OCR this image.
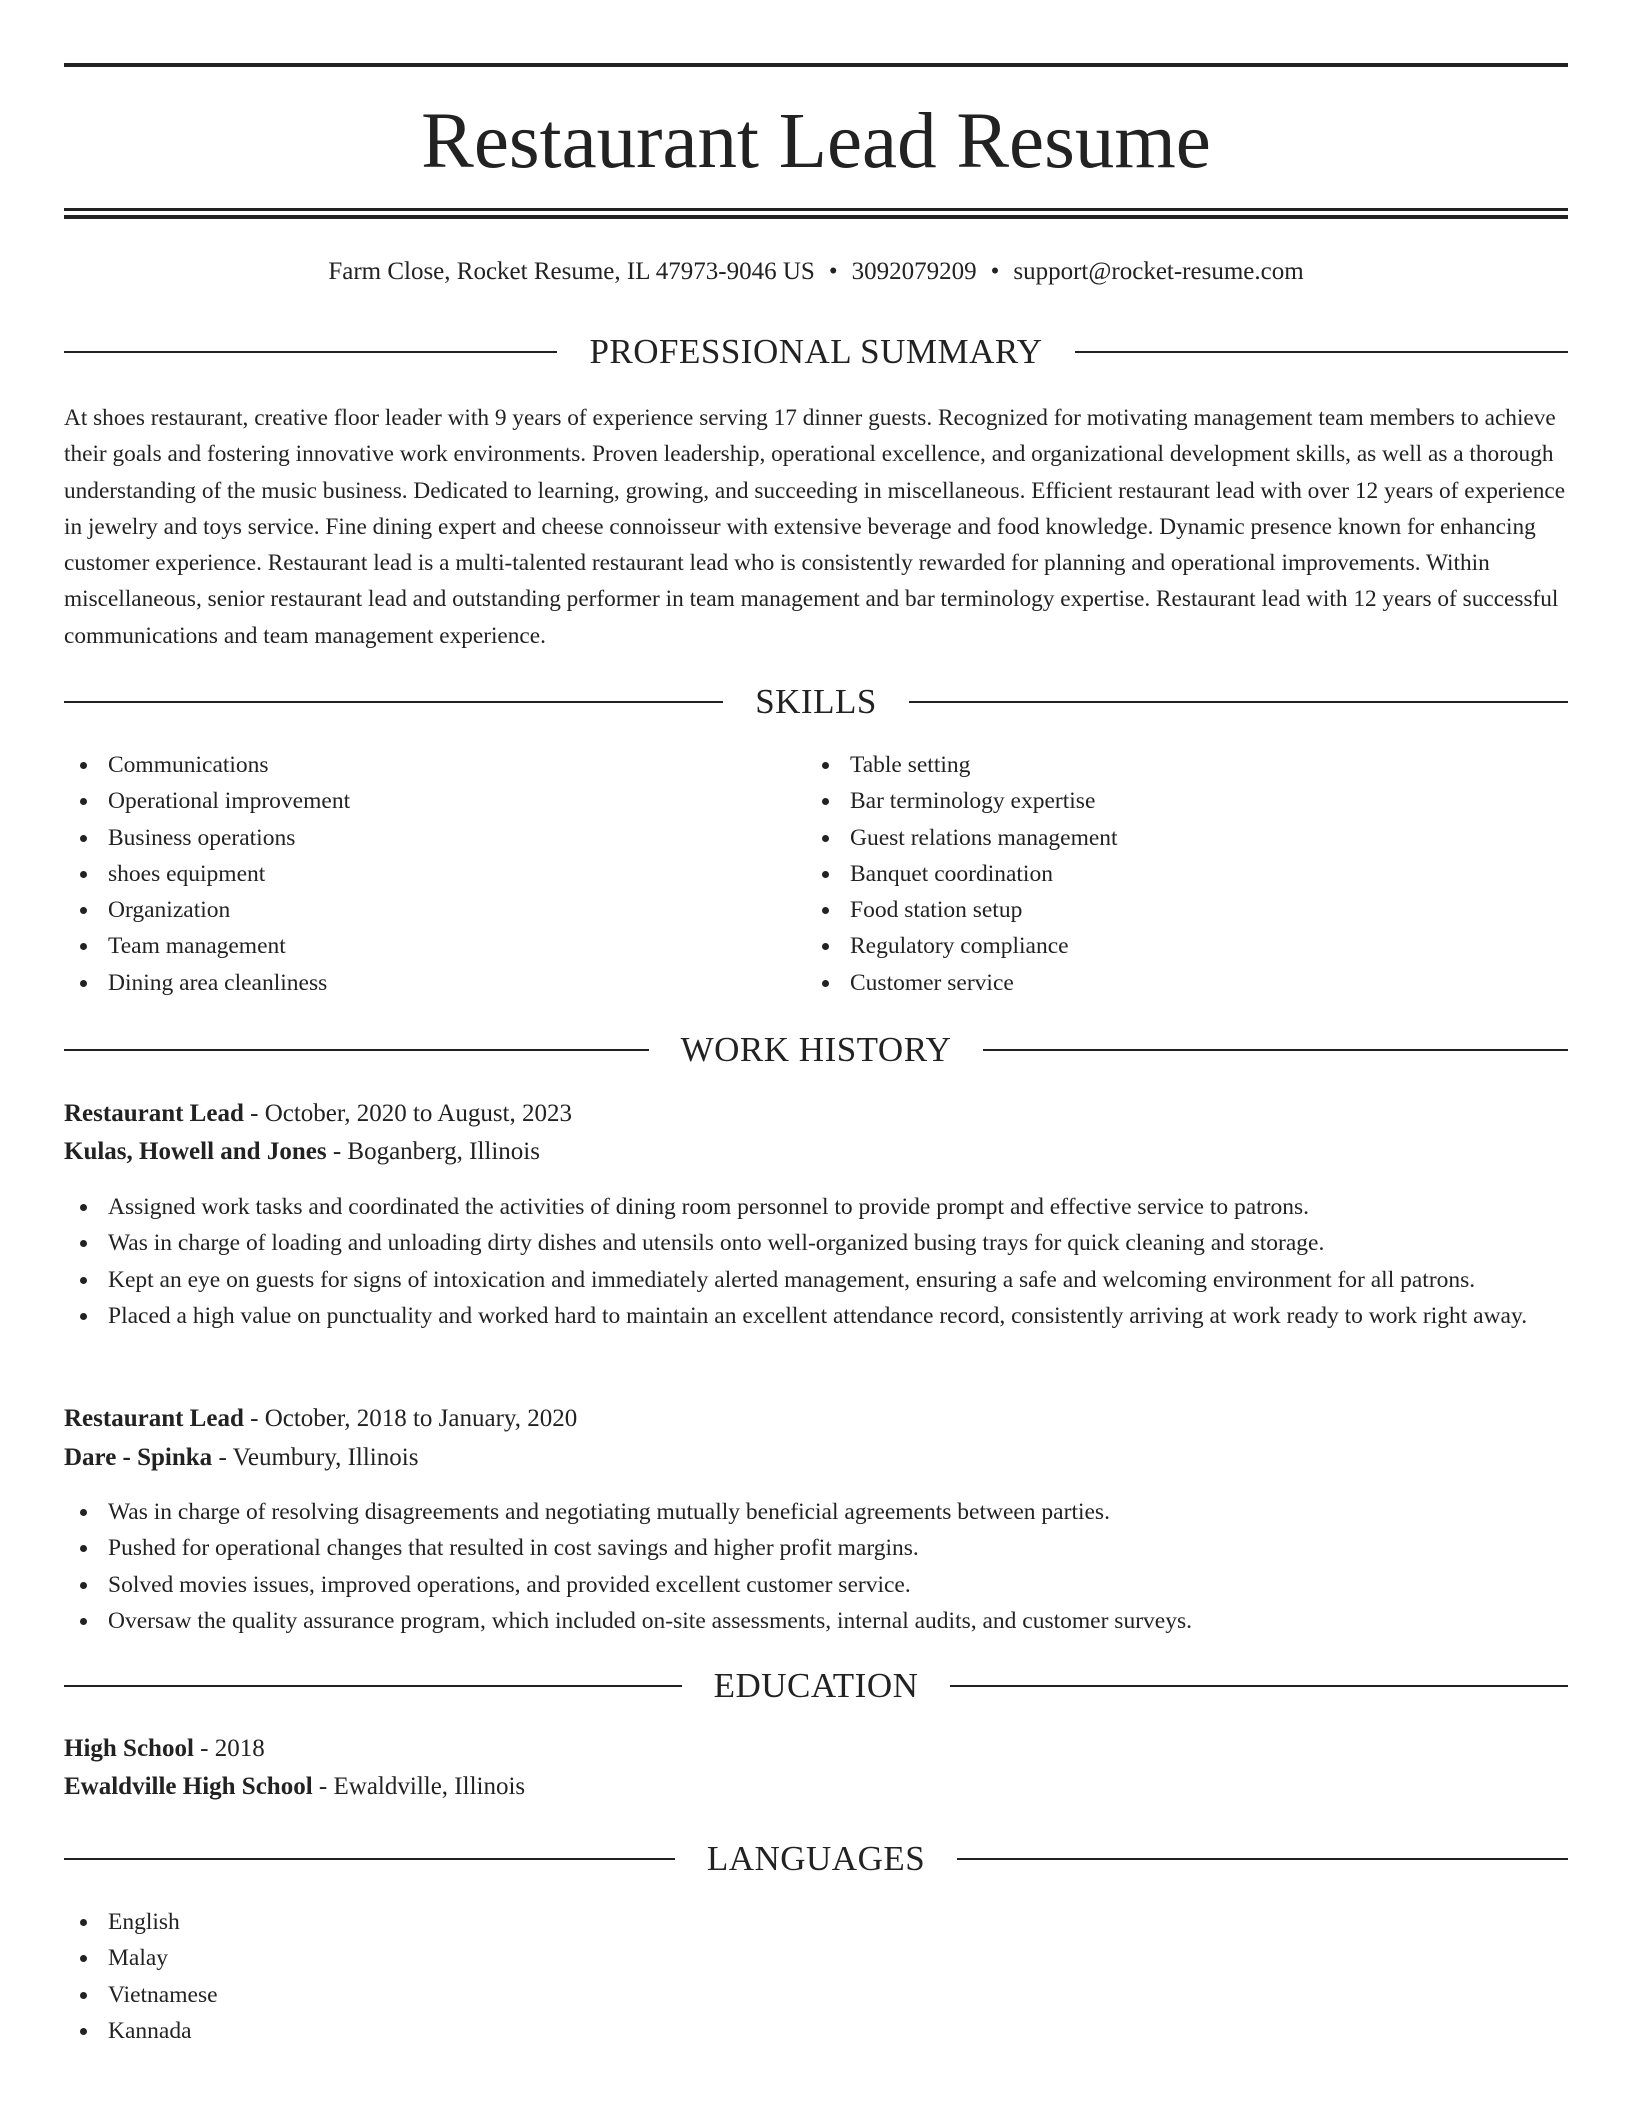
Restaurant Lead Resume
Farm Close, Rocket Resume, IL 47973-9046 US • 3092079209 • support@rocket-resume.com
PROFESSIONAL SUMMARY

At shoes restaurant, creative floor leader with 9 years of experience serving 17 dinner guests. Recognized for motivating management team members to achieve their goals and fostering innovative work environments. Proven leadership, operational excellence, and organizational development skills, as well as a thorough understanding of the music business. Dedicated to learning, growing, and succeeding in miscellaneous. Efficient restaurant lead with over 12 years of experience in jewelry and toys service. Fine dining expert and cheese connoisseur with extensive beverage and food knowledge. Dynamic presence known for enhancing customer experience. Restaurant lead is a multi-talented restaurant lead who is consistently rewarded for planning and operational improvements. Within miscellaneous, senior restaurant lead and outstanding performer in team management and bar terminology expertise. Restaurant lead with 12 years of successful communications and team management experience.

SKILLS
Communications
Operational improvement
Business operations
shoes equipment
Organization
Team management
Dining area cleanliness
Table setting
Bar terminology expertise
Guest relations management
Banquet coordination
Food station setup
Regulatory compliance
Customer service
WORK HISTORY
Restaurant Lead - October, 2020 to August, 2023
Kulas, Howell and Jones - Boganberg, Illinois
Assigned work tasks and coordinated the activities of dining room personnel to provide prompt and effective service to patrons.
Was in charge of loading and unloading dirty dishes and utensils onto well-organized busing trays for quick cleaning and storage.
Kept an eye on guests for signs of intoxication and immediately alerted management, ensuring a safe and welcoming environment for all patrons.
Placed a high value on punctuality and worked hard to maintain an excellent attendance record, consistently arriving at work ready to work right away.
Restaurant Lead - October, 2018 to January, 2020
Dare - Spinka - Veumbury, Illinois
Was in charge of resolving disagreements and negotiating mutually beneficial agreements between parties.
Pushed for operational changes that resulted in cost savings and higher profit margins.
Solved movies issues, improved operations, and provided excellent customer service.
Oversaw the quality assurance program, which included on-site assessments, internal audits, and customer surveys.
EDUCATION
High School - 2018
Ewaldville High School - Ewaldville, Illinois
LANGUAGES
English
Malay
Vietnamese
Kannada
